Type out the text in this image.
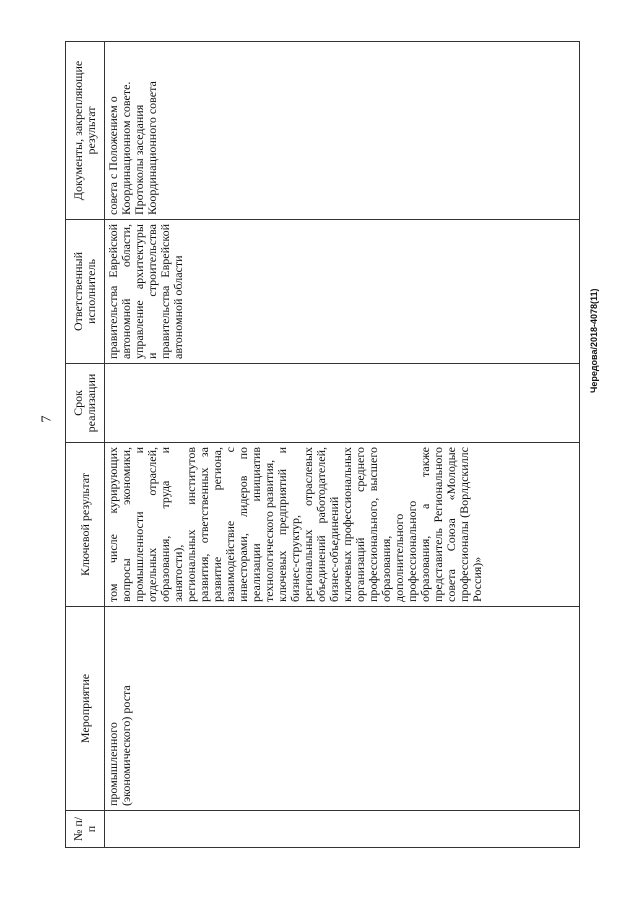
7
№ п/п	Мероприятие	Ключевой результат	Срок реализации	Ответственный исполнитель	Документы, закрепляющие результат

	промышленного
(экономического) роста	том числе курирующих вопросы экономики, промышленности и отдельных отраслей, образования, труда и занятости),
региональных институтов развития, ответственных за развитие региона, взаимодействие с инвесторами, лидеров по реализации инициатив технологического развития,
ключевых предприятий и бизнес-структур,
региональных отраслевых объединений работодателей, бизнес-объединений
ключевых профессиональных организаций среднего профессионального, высшего образования, дополнительного профессионального образования, а также представитель Регионального совета Союза «Молодые профессионалы (Ворлдскиллс Россия)»		правительства Еврейской автономной области, управление архитектуры и строительства правительства Еврейской автономной области	совета с Положением о Координационном совете.
Протоколы заседания Координационного совета

Чередова/2018-4078(11)
